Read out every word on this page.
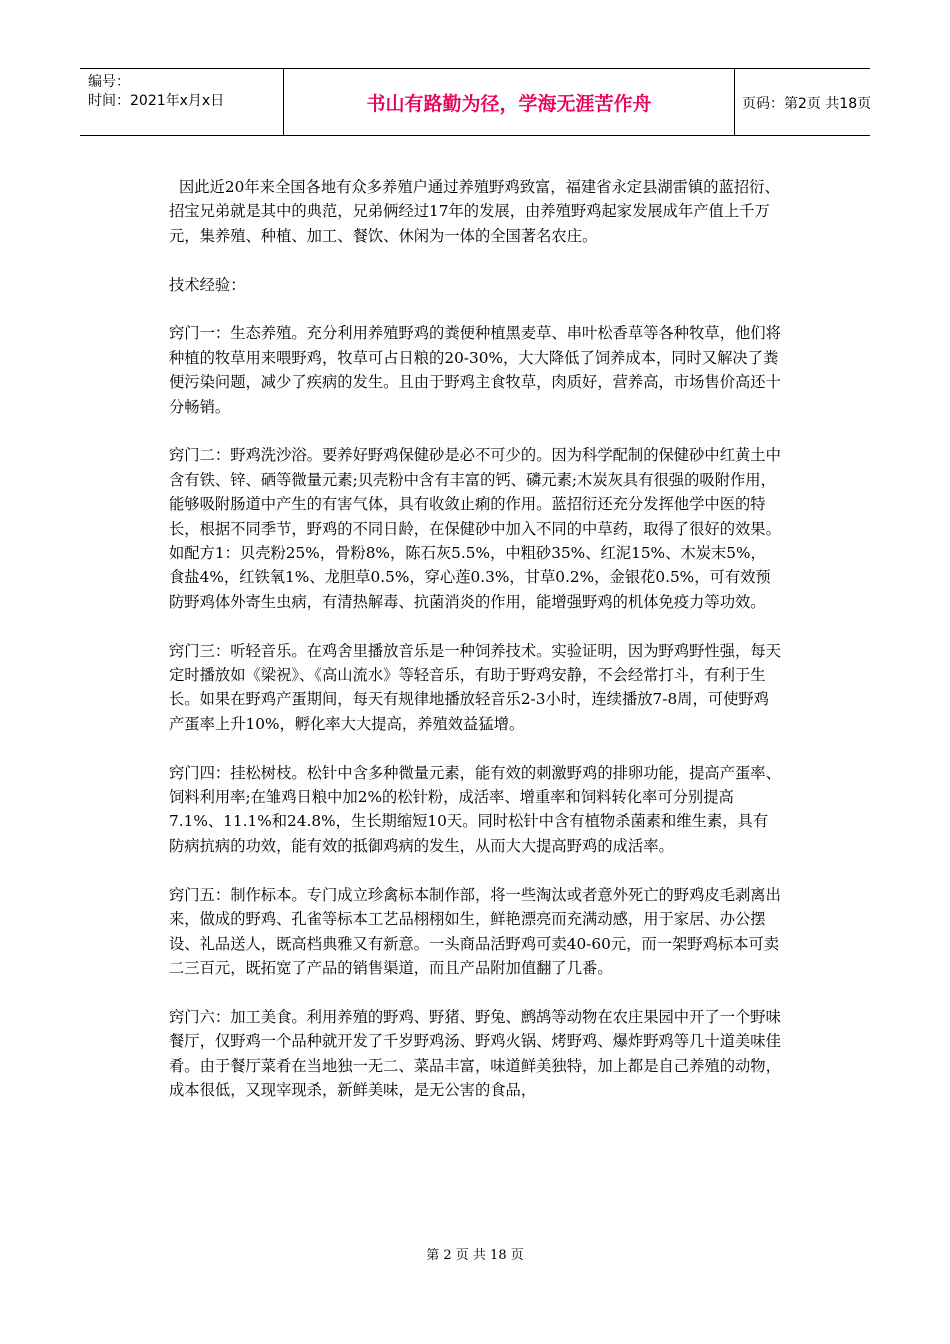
编号：
时间：2021年x月x日	书山有路勤为径，学海无涯苦作舟	页码：第2页 共18页

因此近20年来全国各地有众多养殖户通过养殖野鸡致富，福建省永定县湖雷镇的蓝招衍、招宝兄弟就是其中的典范，兄弟俩经过17年的发展，由养殖野鸡起家发展成年产值上千万元，集养殖、种植、加工、餐饮、休闲为一体的全国著名农庄。

技术经验：

窍门一：生态养殖。充分利用养殖野鸡的粪便种植黑麦草、串叶松香草等各种牧草，他们将种植的牧草用来喂野鸡，牧草可占日粮的20-30%，大大降低了饲养成本，同时又解决了粪便污染问题，减少了疾病的发生。且由于野鸡主食牧草，肉质好，营养高，市场售价高还十分畅销。

窍门二：野鸡洗沙浴。要养好野鸡保健砂是必不可少的。因为科学配制的保健砂中红黄土中含有铁、锌、硒等微量元素;贝壳粉中含有丰富的钙、磷元素;木炭灰具有很强的吸附作用，能够吸附肠道中产生的有害气体，具有收敛止痢的作用。蓝招衍还充分发挥他学中医的特长，根据不同季节，野鸡的不同日龄，在保健砂中加入不同的中草药，取得了很好的效果。如配方1：贝壳粉25%，骨粉8%，陈石灰5.5%，中粗砂35%、红泥15%、木炭末5%，食盐4%，红铁氧1%、龙胆草0.5%，穿心莲0.3%，甘草0.2%，金银花0.5%，可有效预防野鸡体外寄生虫病，有清热解毒、抗菌消炎的作用，能增强野鸡的机体免疫力等功效。

窍门三：听轻音乐。在鸡舍里播放音乐是一种饲养技术。实验证明，因为野鸡野性强，每天定时播放如《梁祝》、《高山流水》等轻音乐，有助于野鸡安静，不会经常打斗，有利于生长。如果在野鸡产蛋期间，每天有规律地播放轻音乐2-3小时，连续播放7-8周，可使野鸡产蛋率上升10%，孵化率大大提高，养殖效益猛增。

窍门四：挂松树枝。松针中含多种微量元素，能有效的刺激野鸡的排卵功能，提高产蛋率、饲料利用率;在雏鸡日粮中加2%的松针粉，成活率、增重率和饲料转化率可分别提高7.1%、11.1%和24.8%，生长期缩短10天。同时松针中含有植物杀菌素和维生素，具有防病抗病的功效，能有效的抵御鸡病的发生，从而大大提高野鸡的成活率。

窍门五：制作标本。专门成立珍禽标本制作部，将一些淘汰或者意外死亡的野鸡皮毛剥离出来，做成的野鸡、孔雀等标本工艺品栩栩如生，鲜艳漂亮而充满动感，用于家居、办公摆设、礼品送人，既高档典雅又有新意。一头商品活野鸡可卖40-60元，而一架野鸡标本可卖二三百元，既拓宽了产品的销售渠道，而且产品附加值翻了几番。

窍门六：加工美食。利用养殖的野鸡、野猪、野兔、鹧鸪等动物在农庄果园中开了一个野味餐厅，仅野鸡一个品种就开发了千岁野鸡汤、野鸡火锅、烤野鸡、爆炸野鸡等几十道美味佳肴。由于餐厅菜肴在当地独一无二、菜品丰富，味道鲜美独特，加上都是自己养殖的动物，成本很低，又现宰现杀，新鲜美味，是无公害的食品，

第 2 页 共 18 页
